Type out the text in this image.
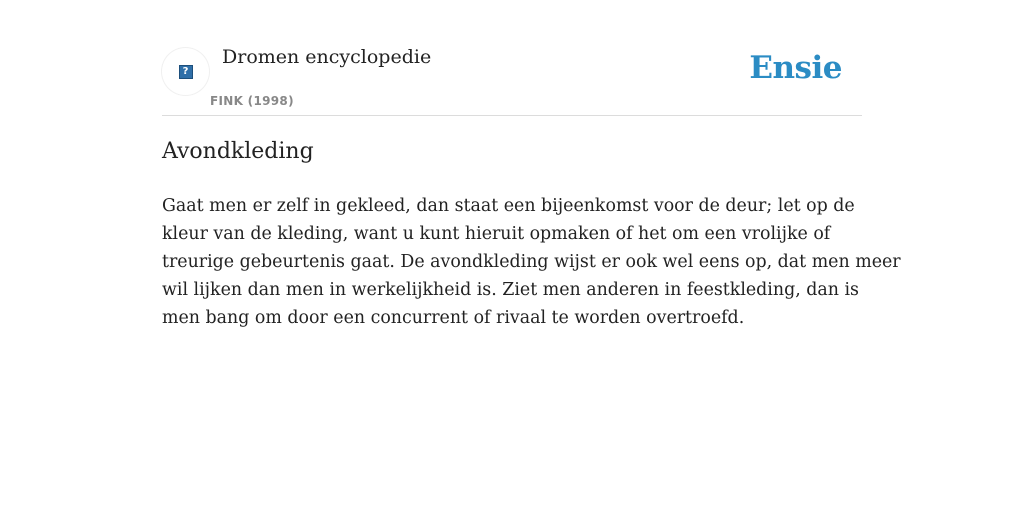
?
Dromen encyclopedie
FINK (1998)
Ensie
Avondkleding

Gaat men er zelf in gekleed, dan staat een bijeenkomst voor de deur; let op de
kleur van de kleding, want u kunt hieruit opmaken of het om een vrolijke of
treurige gebeurtenis gaat. De avondkleding wijst er ook wel eens op, dat men meer
wil lijken dan men in werkelijkheid is. Ziet men anderen in feestkleding, dan is
men bang om door een concurrent of rivaal te worden overtroefd.
